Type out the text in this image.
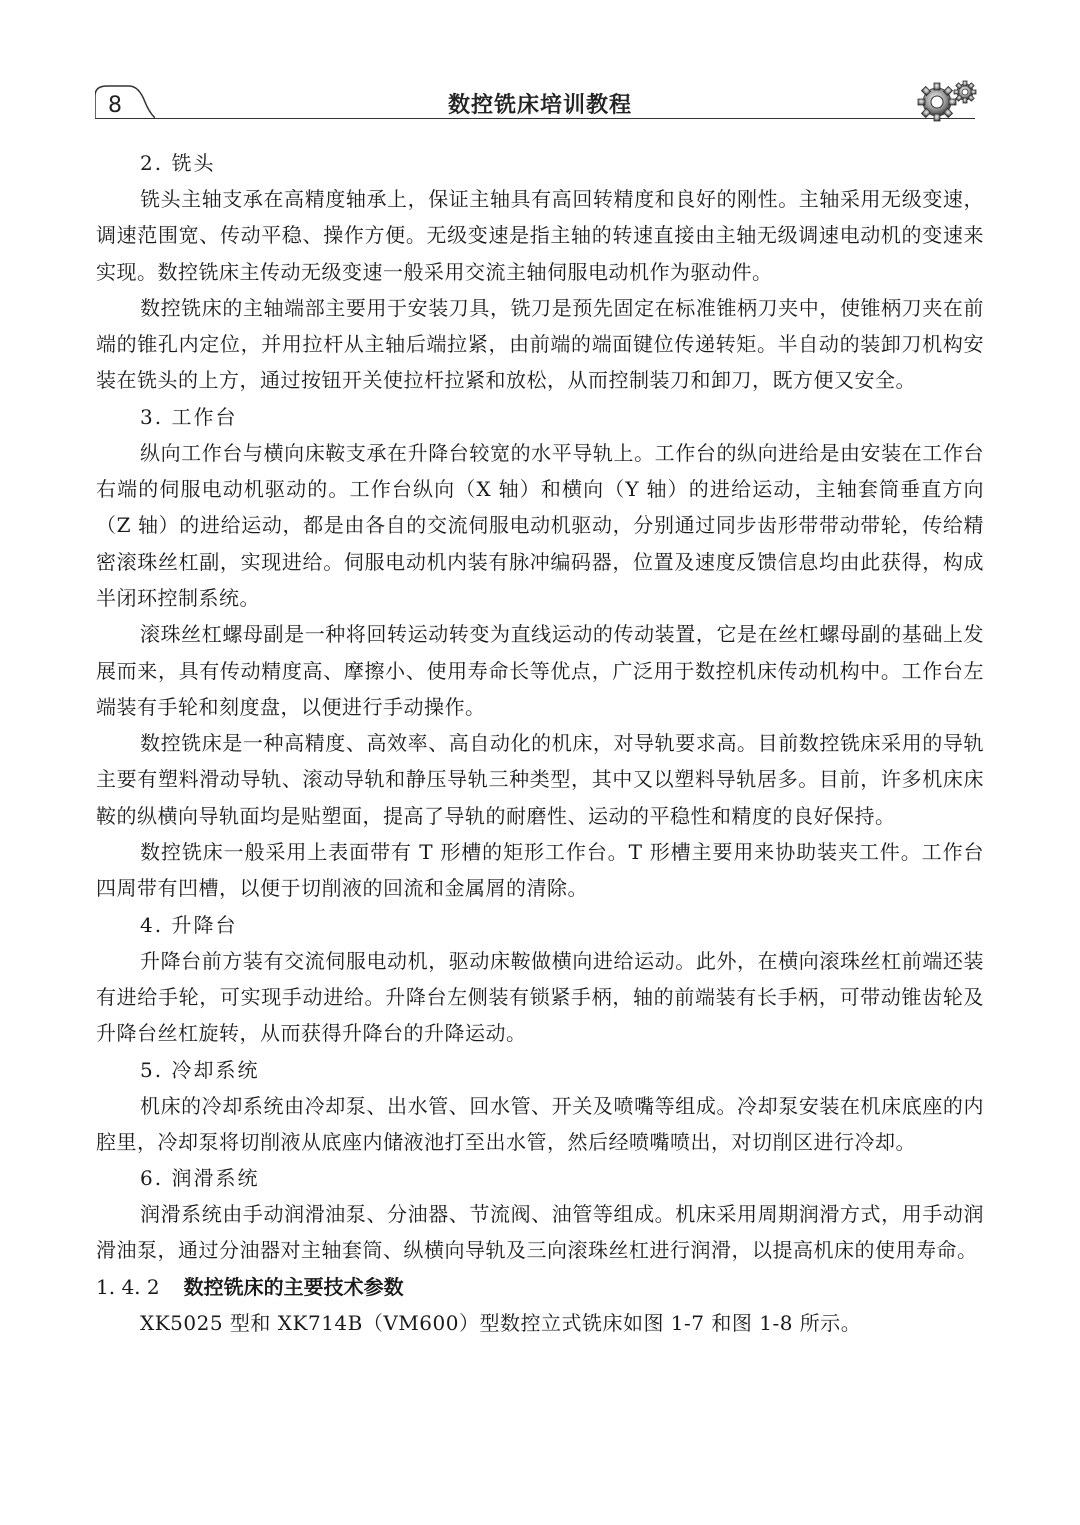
8	数控铣床培训教程

2. 铣头

铣头主轴支承在高精度轴承上，保证主轴具有高回转精度和良好的刚性。主轴采用无级变速，调速范围宽、传动平稳、操作方便。无级变速是指主轴的转速直接由主轴无级调速电动机的变速来实现。数控铣床主传动无级变速一般采用交流主轴伺服电动机作为驱动件。

数控铣床的主轴端部主要用于安装刀具，铣刀是预先固定在标准锥柄刀夹中，使锥柄刀夹在前端的锥孔内定位，并用拉杆从主轴后端拉紧，由前端的端面键位传递转矩。半自动的装卸刀机构安装在铣头的上方，通过按钮开关使拉杆拉紧和放松，从而控制装刀和卸刀，既方便又安全。

3. 工作台

纵向工作台与横向床鞍支承在升降台较宽的水平导轨上。工作台的纵向进给是由安装在工作台右端的伺服电动机驱动的。工作台纵向（X 轴）和横向（Y 轴）的进给运动，主轴套筒垂直方向（Z 轴）的进给运动，都是由各自的交流伺服电动机驱动，分别通过同步齿形带带动带轮，传给精密滚珠丝杠副，实现进给。伺服电动机内装有脉冲编码器，位置及速度反馈信息均由此获得，构成半闭环控制系统。

滚珠丝杠螺母副是一种将回转运动转变为直线运动的传动装置，它是在丝杠螺母副的基础上发展而来，具有传动精度高、摩擦小、使用寿命长等优点，广泛用于数控机床传动机构中。工作台左端装有手轮和刻度盘，以便进行手动操作。

数控铣床是一种高精度、高效率、高自动化的机床，对导轨要求高。目前数控铣床采用的导轨主要有塑料滑动导轨、滚动导轨和静压导轨三种类型，其中又以塑料导轨居多。目前，许多机床床鞍的纵横向导轨面均是贴塑面，提高了导轨的耐磨性、运动的平稳性和精度的良好保持。

数控铣床一般采用上表面带有 T 形槽的矩形工作台。T 形槽主要用来协助装夹工件。工作台四周带有凹槽，以便于切削液的回流和金属屑的清除。

4. 升降台

升降台前方装有交流伺服电动机，驱动床鞍做横向进给运动。此外，在横向滚珠丝杠前端还装有进给手轮，可实现手动进给。升降台左侧装有锁紧手柄，轴的前端装有长手柄，可带动锥齿轮及升降台丝杠旋转，从而获得升降台的升降运动。

5. 冷却系统

机床的冷却系统由冷却泵、出水管、回水管、开关及喷嘴等组成。冷却泵安装在机床底座的内腔里，冷却泵将切削液从底座内储液池打至出水管，然后经喷嘴喷出，对切削区进行冷却。

6. 润滑系统

润滑系统由手动润滑油泵、分油器、节流阀、油管等组成。机床采用周期润滑方式，用手动润滑油泵，通过分油器对主轴套筒、纵横向导轨及三向滚珠丝杠进行润滑，以提高机床的使用寿命。

1. 4. 2 数控铣床的主要技术参数

XK5025 型和 XK714B（VM600）型数控立式铣床如图 1-7 和图 1-8 所示。
